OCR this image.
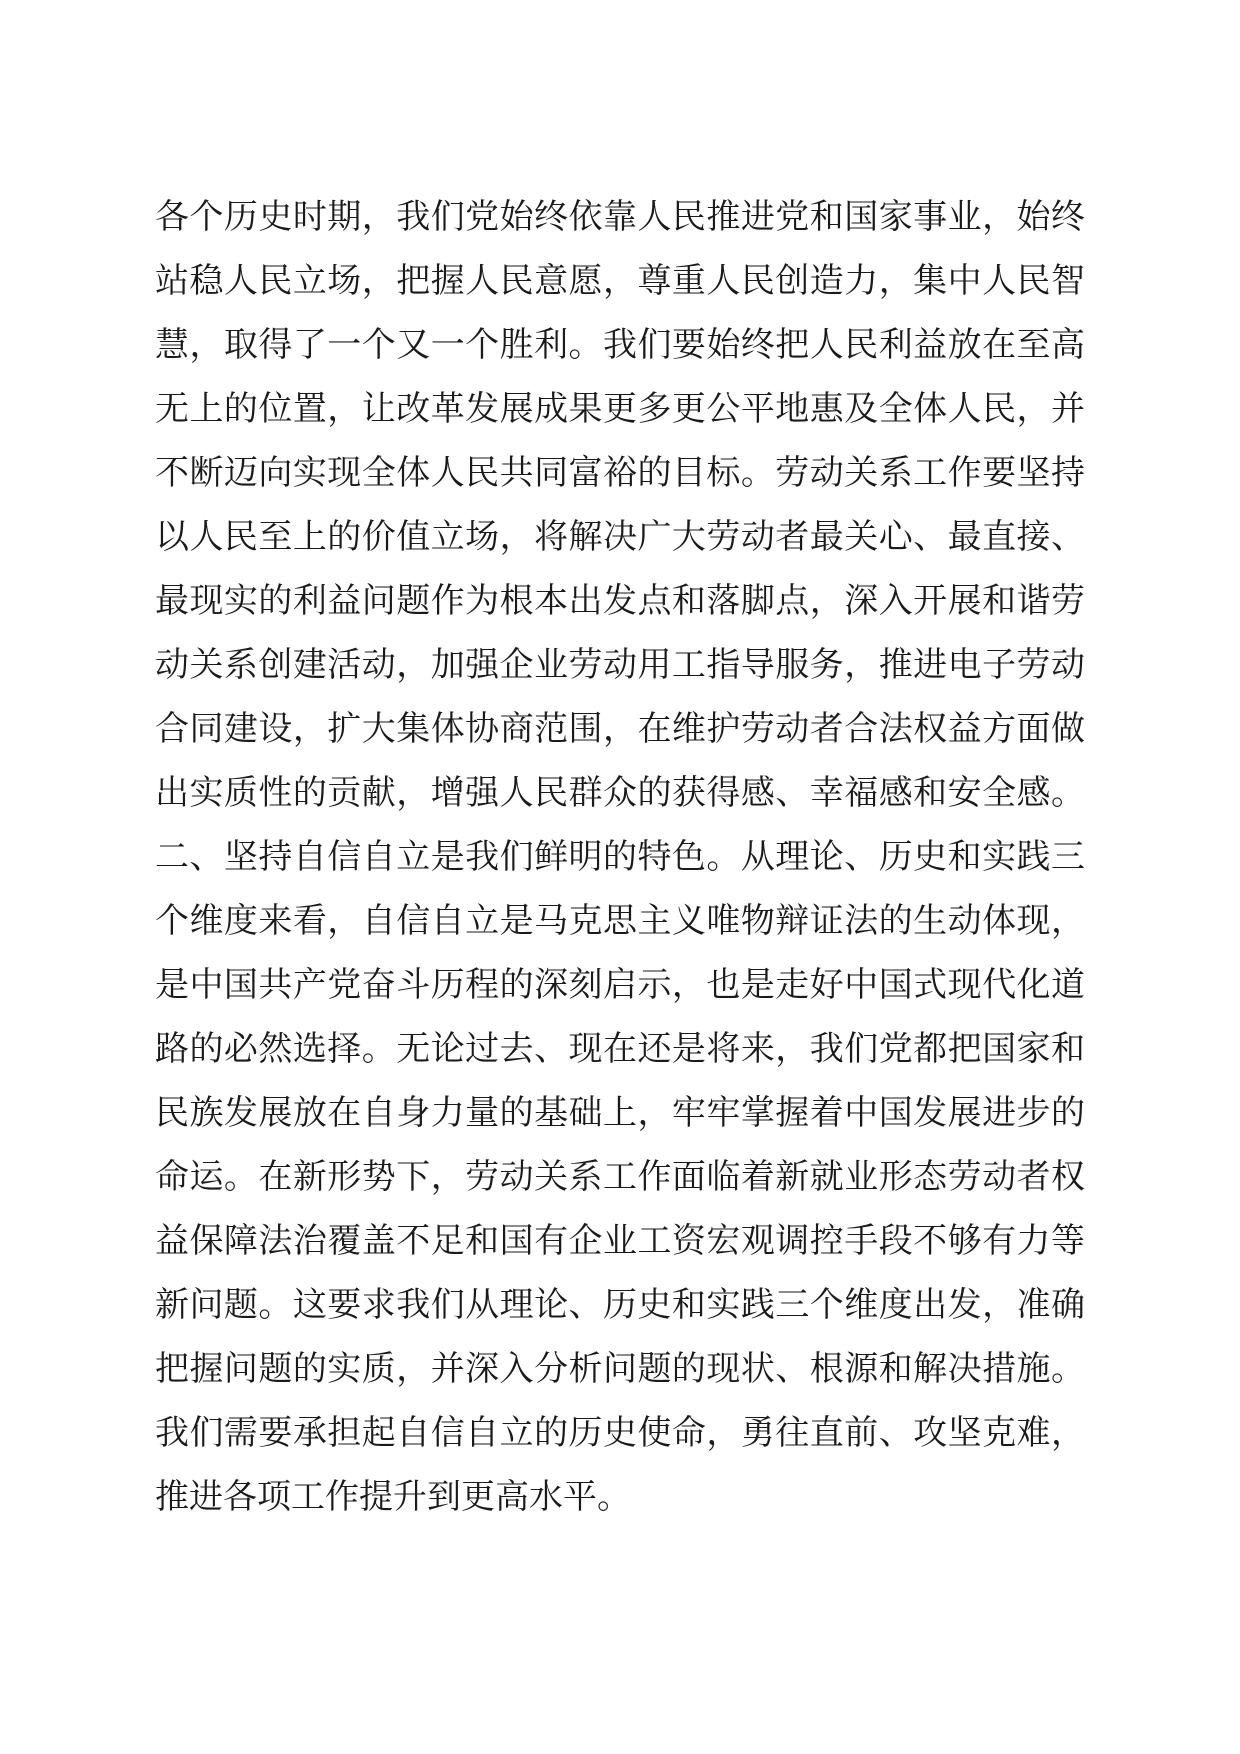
各个历史时期，我们党始终依靠人民推进党和国家事业，始终
站稳人民立场，把握人民意愿，尊重人民创造力，集中人民智
慧，取得了一个又一个胜利。我们要始终把人民利益放在至高
无上的位置，让改革发展成果更多更公平地惠及全体人民，并
不断迈向实现全体人民共同富裕的目标。劳动关系工作要坚持
以人民至上的价值立场，将解决广大劳动者最关心、最直接、
最现实的利益问题作为根本出发点和落脚点，深入开展和谐劳
动关系创建活动，加强企业劳动用工指导服务，推进电子劳动
合同建设，扩大集体协商范围，在维护劳动者合法权益方面做
出实质性的贡献，增强人民群众的获得感、幸福感和安全感。
二、坚持自信自立是我们鲜明的特色。从理论、历史和实践三
个维度来看，自信自立是马克思主义唯物辩证法的生动体现，
是中国共产党奋斗历程的深刻启示，也是走好中国式现代化道
路的必然选择。无论过去、现在还是将来，我们党都把国家和
民族发展放在自身力量的基础上，牢牢掌握着中国发展进步的
命运。在新形势下，劳动关系工作面临着新就业形态劳动者权
益保障法治覆盖不足和国有企业工资宏观调控手段不够有力等
新问题。这要求我们从理论、历史和实践三个维度出发，准确
把握问题的实质，并深入分析问题的现状、根源和解决措施。
我们需要承担起自信自立的历史使命，勇往直前、攻坚克难，
推进各项工作提升到更高水平。
